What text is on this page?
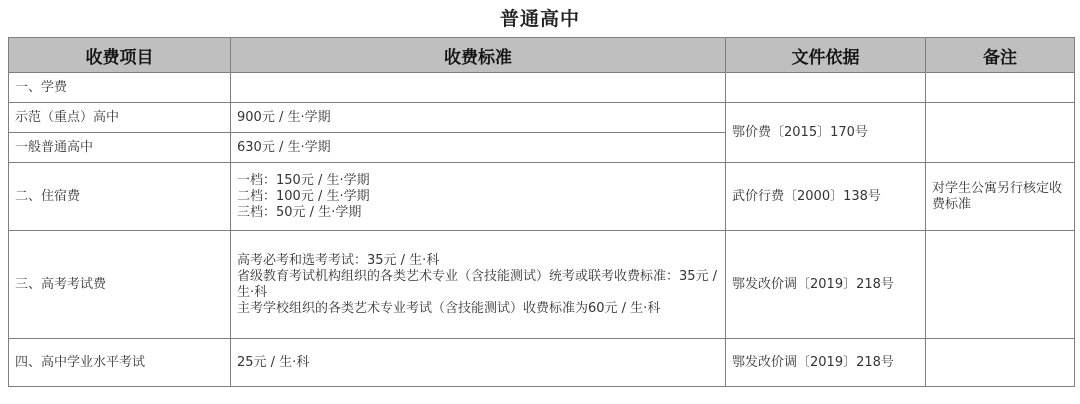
普通高中
收费项目	收费标准	文件依据	备注
一、学费			
示范（重点）高中	900元 / 生·学期	鄂价费〔2015〕170号	
一般普通高中	630元 / 生·学期		
二、住宿费	一档：150元 / 生·学期
二档：100元 / 生·学期
三档：50元 / 生·学期	武价行费〔2000〕138号	对学生公寓另行核定收费标准
三、高考考试费	高考必考和选考考试：35元 / 生·科
省级教育考试机构组织的各类艺术专业（含技能测试）统考或联考收费标准：35元 / 生·科
主考学校组织的各类艺术专业考试（含技能测试）收费标准为60元 / 生·科	鄂发改价调〔2019〕218号	
四、高中学业水平考试	25元 / 生·科	鄂发改价调〔2019〕218号	
